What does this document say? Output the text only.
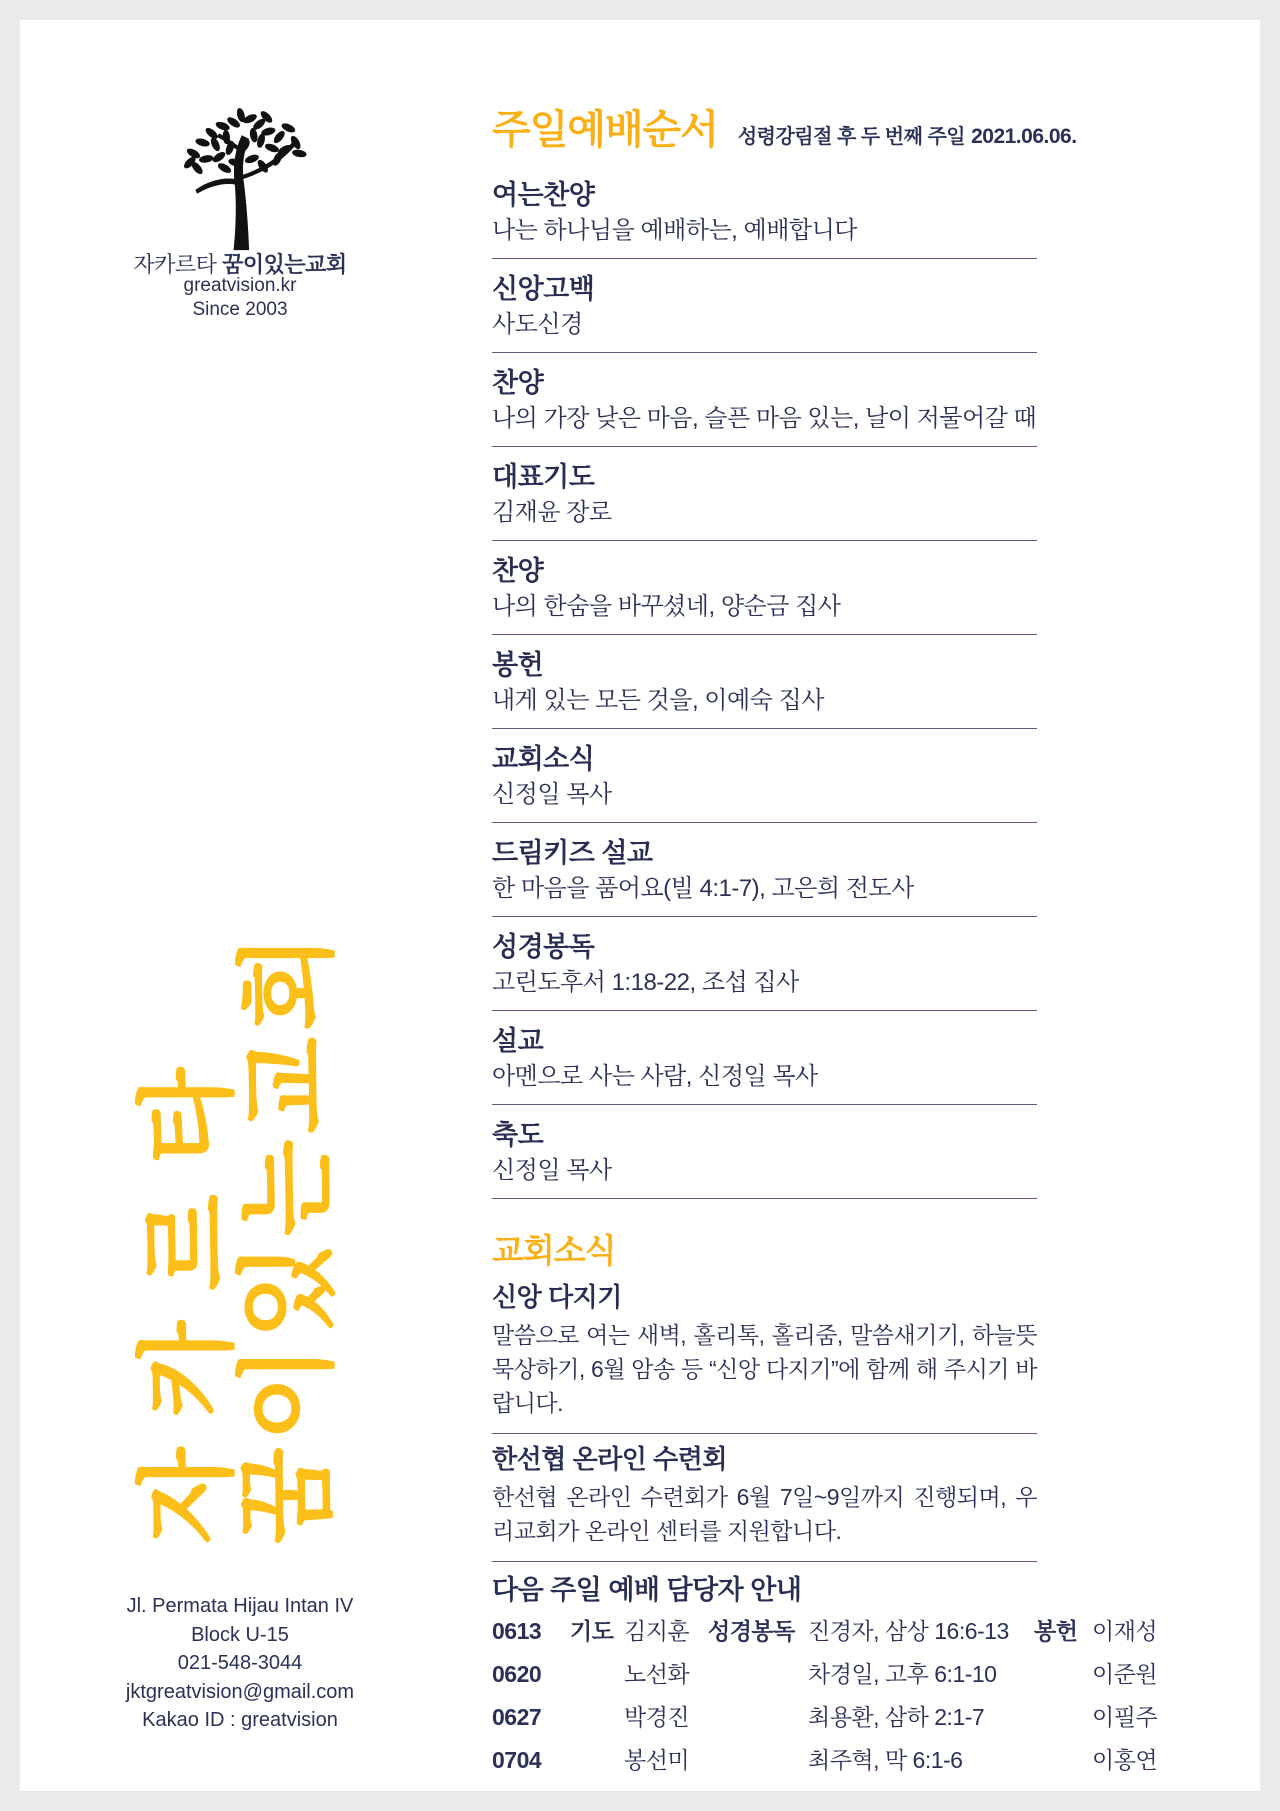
자카르타 꿈이있는교회
greatvision.kr
Since 2003
자카르타
꿈이있는교회
Jl. Permata Hijau Intan IV
Block U-15
021-548-3044
jktgreatvision@gmail.com
Kakao ID : greatvision
주일예배순서 성령강림절 후 두 번째 주일 2021.06.06.
여는찬양
나는 하나님을 예배하는, 예배합니다
신앙고백
사도신경
찬양
나의 가장 낮은 마음, 슬픈 마음 있는, 날이 저물어갈 때
대표기도
김재윤 장로
찬양
나의 한숨을 바꾸셨네, 양순금 집사
봉헌
내게 있는 모든 것을, 이예숙 집사
교회소식
신정일 목사
드림키즈 설교
한 마음을 품어요(빌 4:1-7), 고은희 전도사
성경봉독
고린도후서 1:18-22, 조섭 집사
설교
아멘으로 사는 사람, 신정일 목사
축도
신정일 목사
교회소식
신앙 다지기
말씀으로 여는 새벽, 홀리톡, 홀리줌, 말씀새기기, 하늘뜻묵상하기, 6월 암송 등 “신앙 다지기”에 함께 해 주시기 바랍니다.
한선협 온라인 수련회
한선협 온라인 수련회가 6월 7일~9일까지 진행되며, 우리교회가 온라인 센터를 지원합니다.
다음 주일 예배 담당자 안내
0613	기도 김지훈 성경봉독 진경자, 삼상 16:6-13	봉헌 이재성
0620	노선화	차경일, 고후 6:1-10	이준원
0627	박경진	최용환, 삼하 2:1-7	이필주
0704	봉선미	최주혁, 막 6:1-6	이홍연
